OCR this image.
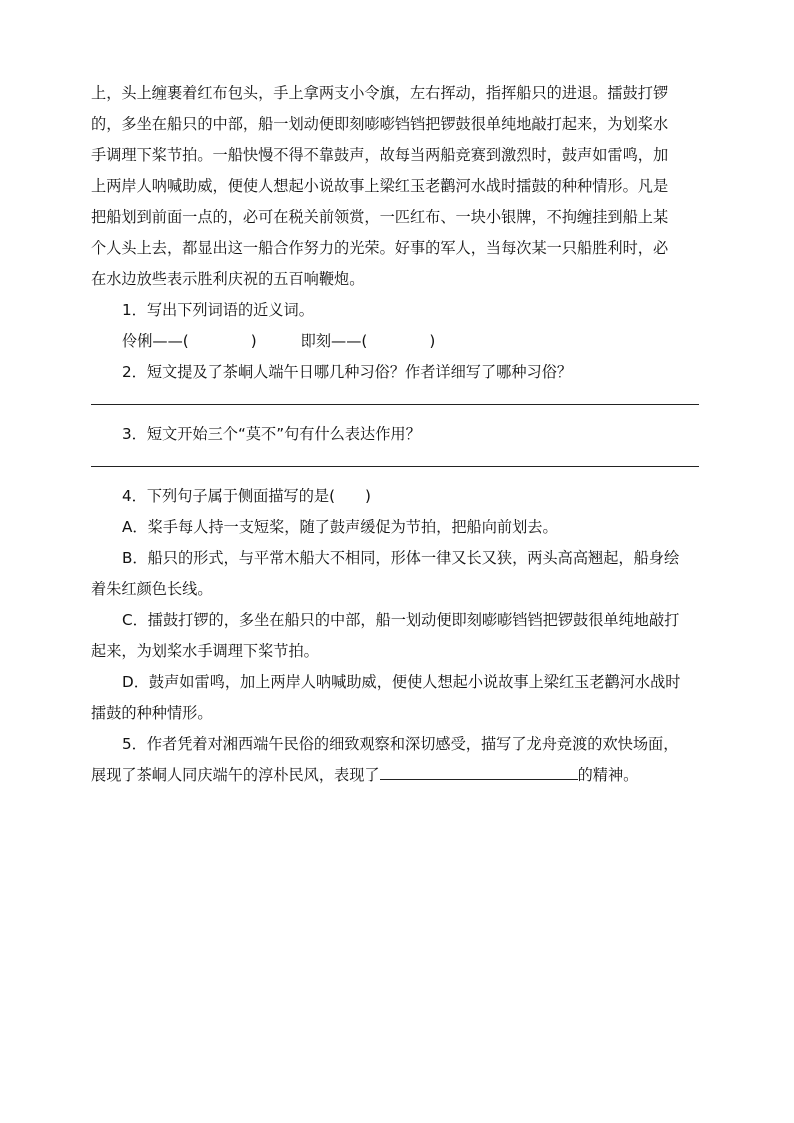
上，头上缠裹着红布包头，手上拿两支小令旗，左右挥动，指挥船只的进退。擂鼓打锣
的，多坐在船只的中部，船一划动便即刻嘭嘭铛铛把锣鼓很单纯地敲打起来，为划桨水
手调理下桨节拍。一船快慢不得不靠鼓声，故每当两船竞赛到激烈时，鼓声如雷鸣，加
上两岸人呐喊助威，便使人想起小说故事上梁红玉老鹳河水战时擂鼓的种种情形。凡是
把船划到前面一点的，必可在税关前领赏，一匹红布、一块小银牌，不拘缠挂到船上某
个人头上去，都显出这一船合作努力的光荣。好事的军人，当每次某一只船胜利时，必
在水边放些表示胜利庆祝的五百响鞭炮。

1．写出下列词语的近义词。

伶俐——(	)	即刻——(	)

2．短文提及了茶峒人端午日哪几种习俗？作者详细写了哪种习俗？

3．短文开始三个“莫不”句有什么表达作用？

4．下列句子属于侧面描写的是( )

A．桨手每人持一支短桨，随了鼓声缓促为节拍，把船向前划去。

B．船只的形式，与平常木船大不相同，形体一律又长又狭，两头高高翘起，船身绘
着朱红颜色长线。
C．擂鼓打锣的，多坐在船只的中部，船一划动便即刻嘭嘭铛铛把锣鼓很单纯地敲打
起来，为划桨水手调理下桨节拍。
D．鼓声如雷鸣，加上两岸人呐喊助威，便使人想起小说故事上梁红玉老鹳河水战时
擂鼓的种种情形。
5．作者凭着对湘西端午民俗的细致观察和深切感受，描写了龙舟竞渡的欢快场面，
展现了茶峒人同庆端午的淳朴民风，表现了	的精神。
